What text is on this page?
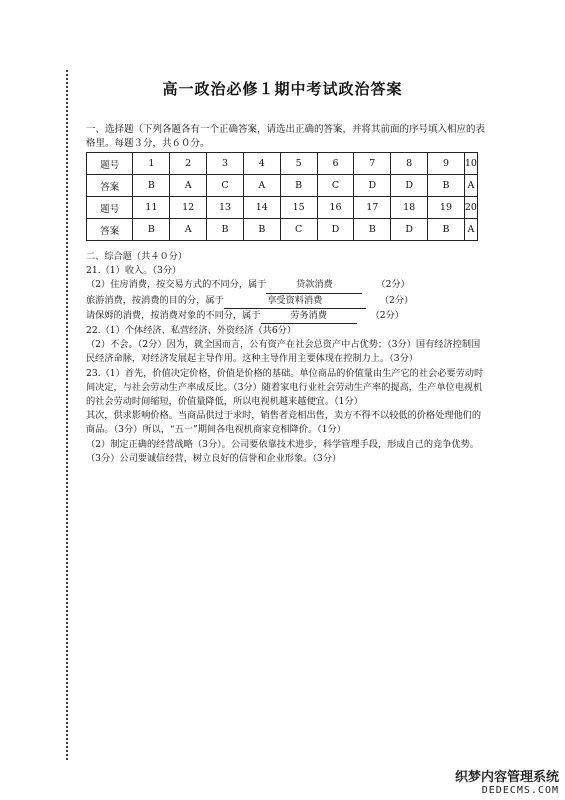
高一政治必修１期中考试政治答案
一、选择题（下列各题各有一个正确答案，请选出正确的答案，并将其前面的序号填入相应的表格里。每题３分，共６０分。
题号	1	2	3	4	5	6	7	8	9	10
答案	B	A	C	A	B	C	D	D	B	A
题号	11	12	13	14	15	16	17	18	19	20
答案	B	A	B	B	C	D	B	D	B	A

二、综合题（共４０分）

21.（1）收入。（3分）

（2）住房消费，按交易方式的不同分，属于	贷款消费	（2分）

旅游消费，按消费的目的分，属于	享受资料消费	（2分）

请保姆的消费，按消费对象的不同分，属于	劳务消费	（2分）

22.（1）个体经济、私营经济、外资经济（共6分）

（2）不会。（2分）因为，就全国而言，公有资产在社会总资产中占优势；（3分）国有经济控制国民经济命脉，对经济发展起主导作用。这种主导作用主要体现在控制力上。（3分）

23.（1）首先，价值决定价格，价值是价格的基础。单位商品的价值量由生产它的社会必要劳动时间决定，与社会劳动生产率成反比。（3分）随着家电行业社会劳动生产率的提高，生产单位电视机的社会劳动时间缩短，价值量降低，所以电视机越来越便宜。（1分）

其次，供求影响价格。当商品供过于求时，销售者竞相出售，卖方不得不以较低的价格处理他们的商品。（3分）所以，“五一”期间各电视机商家竞相降价。（1分）

（2）制定正确的经营战略（3分）。公司要依靠技术进步，科学管理手段，形成自己的竞争优势。（3分）公司要诚信经营，树立良好的信誉和企业形象。（3分）

织梦内容管理系统
DEDECMS.COM
